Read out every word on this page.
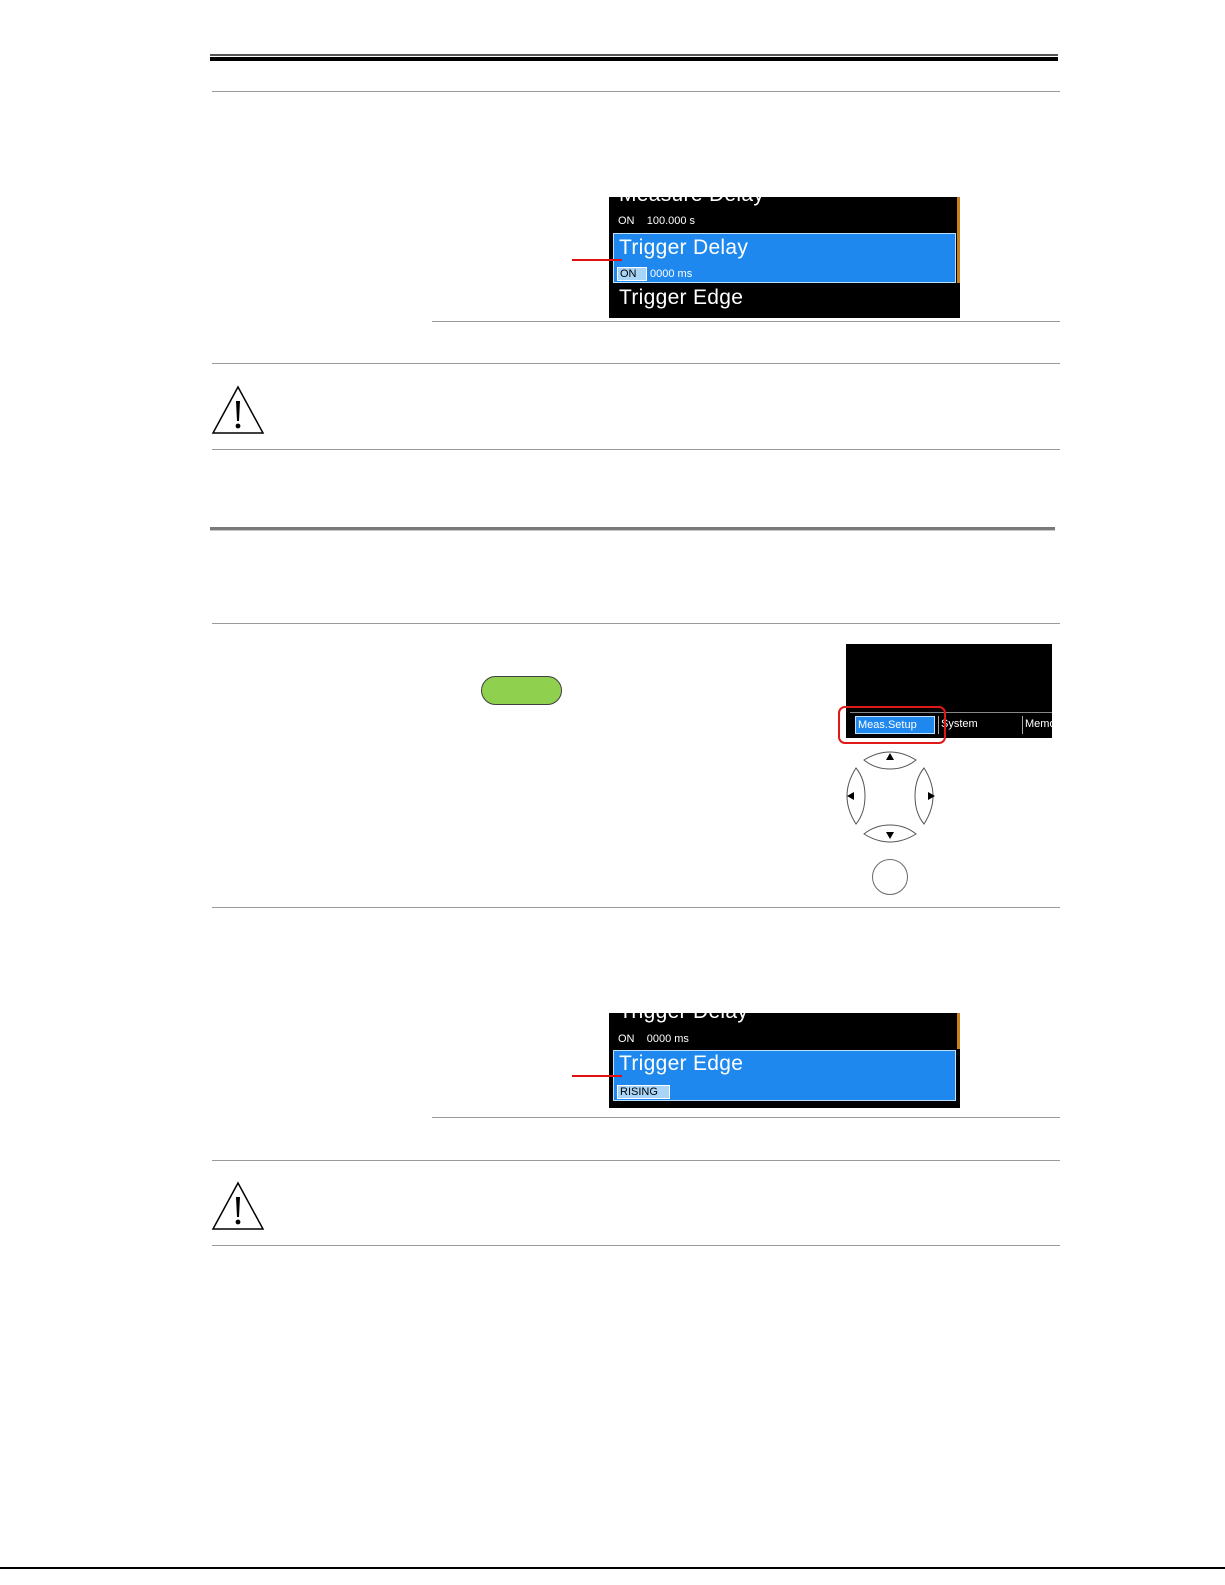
Measure Delay
ON    100.000 s
Trigger Delay
ON	0000 ms
Trigger Edge
Meas.Setup System	Memo
Trigger Delay
ON    0000 ms
Trigger Edge
RISING
